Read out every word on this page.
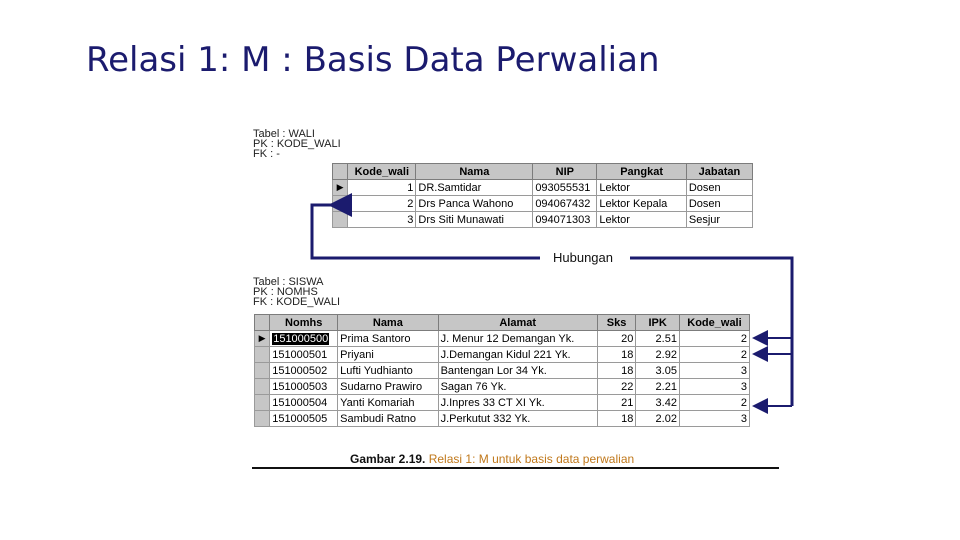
Relasi 1: M : Basis Data Perwalian
Tabel : WALI
PK : KODE_WALI
FK : -
	Kode_wali	Nama	NIP	Pangkat	Jabatan
▶	1	DR.Samtidar	093055531	Lektor	Dosen
	2	Drs Panca Wahono	094067432	Lektor Kepala	Dosen
	3	Drs Siti Munawati	094071303	Lektor	Sesjur
Hubungan
Tabel : SISWA
PK : NOMHS
FK : KODE_WALI
	Nomhs	Nama	Alamat	Sks	IPK	Kode_wali
▶	151000500	Prima Santoro	J. Menur 12 Demangan Yk.	20	2.51	2
	151000501	Priyani	J.Demangan Kidul 221 Yk.	18	2.92	2
	151000502	Lufti Yudhianto	Bantengan Lor 34 Yk.	18	3.05	3
	151000503	Sudarno Prawiro	Sagan 76 Yk.	22	2.21	3
	151000504	Yanti Komariah	J.Inpres 33 CT XI Yk.	21	3.42	2
	151000505	Sambudi Ratno	J.Perkutut 332 Yk.	18	2.02	3
Gambar 2.19. Relasi 1: M untuk basis data perwalian
